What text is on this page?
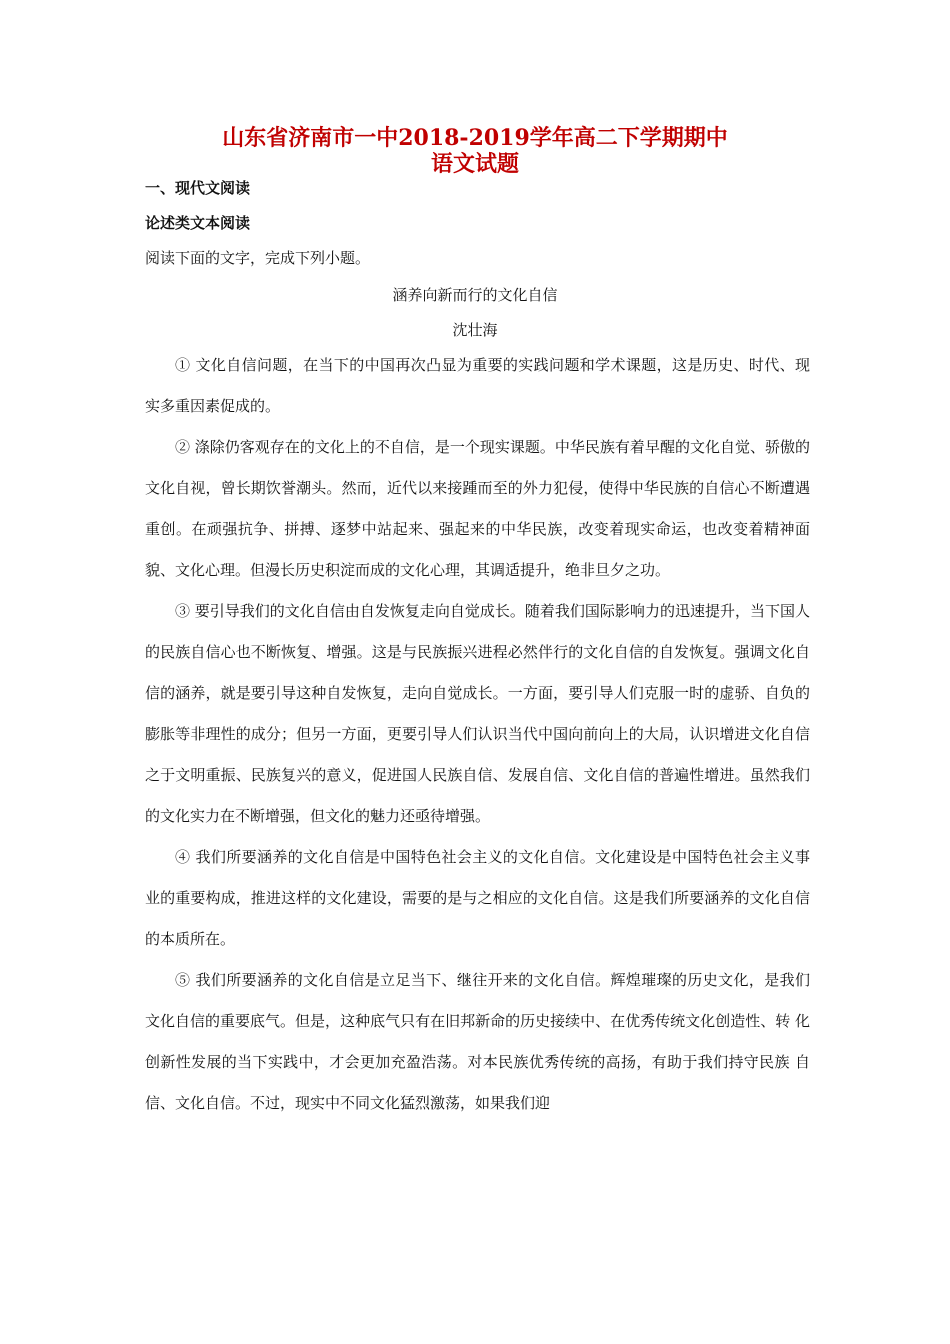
山东省济南市一中2018-2019学年高二下学期期中
语文试题
一、现代文阅读
论述类文本阅读
阅读下面的文字，完成下列小题。
涵养向新而行的文化自信
沈壮海

① 文化自信问题，在当下的中国再次凸显为重要的实践问题和学术课题，这是历史、时代、现 实多重因素促成的。

② 涤除仍客观存在的文化上的不自信，是一个现实课题。中华民族有着早醒的文化自觉、骄傲的文化自视，曾长期饮誉潮头。然而，近代以来接踵而至的外力犯侵，使得中华民族的自信心不断遭遇重创。在顽强抗争、拼搏、逐梦中站起来、强起来的中华民族，改变着现实命运，也改变着精神面貌、文化心理。但漫长历史积淀而成的文化心理，其调适提升，绝非旦夕之功。

③ 要引导我们的文化自信由自发恢复走向自觉成长。随着我们国际影响力的迅速提升，当下国人的民族自信心也不断恢复、增强。这是与民族振兴进程必然伴行的文化自信的自发恢复。强调文化自信的涵养，就是要引导这种自发恢复，走向自觉成长。一方面，要引导人们克服一时的虚骄、自负的膨胀等非理性的成分；但另一方面，更要引导人们认识当代中国向前向上的大局，认识增进文化自信之于文明重振、民族复兴的意义，促进国人民族自信、发展自信、文化自信的普遍性增进。虽然我们的文化实力在不断增强，但文化的魅力还亟待增强。

④ 我们所要涵养的文化自信是中国特色社会主义的文化自信。文化建设是中国特色社会主义事 业的重要构成，推进这样的文化建设，需要的是与之相应的文化自信。这是我们所要涵养的文化自信的本质所在。

⑤ 我们所要涵养的文化自信是立足当下、继往开来的文化自信。辉煌璀璨的历史文化，是我们 文化自信的重要底气。但是，这种底气只有在旧邦新命的历史接续中、在优秀传统文化创造性、转 化创新性发展的当下实践中，才会更加充盈浩荡。对本民族优秀传统的高扬，有助于我们持守民族 自信、文化自信。不过，现实中不同文化猛烈激荡，如果我们迎
